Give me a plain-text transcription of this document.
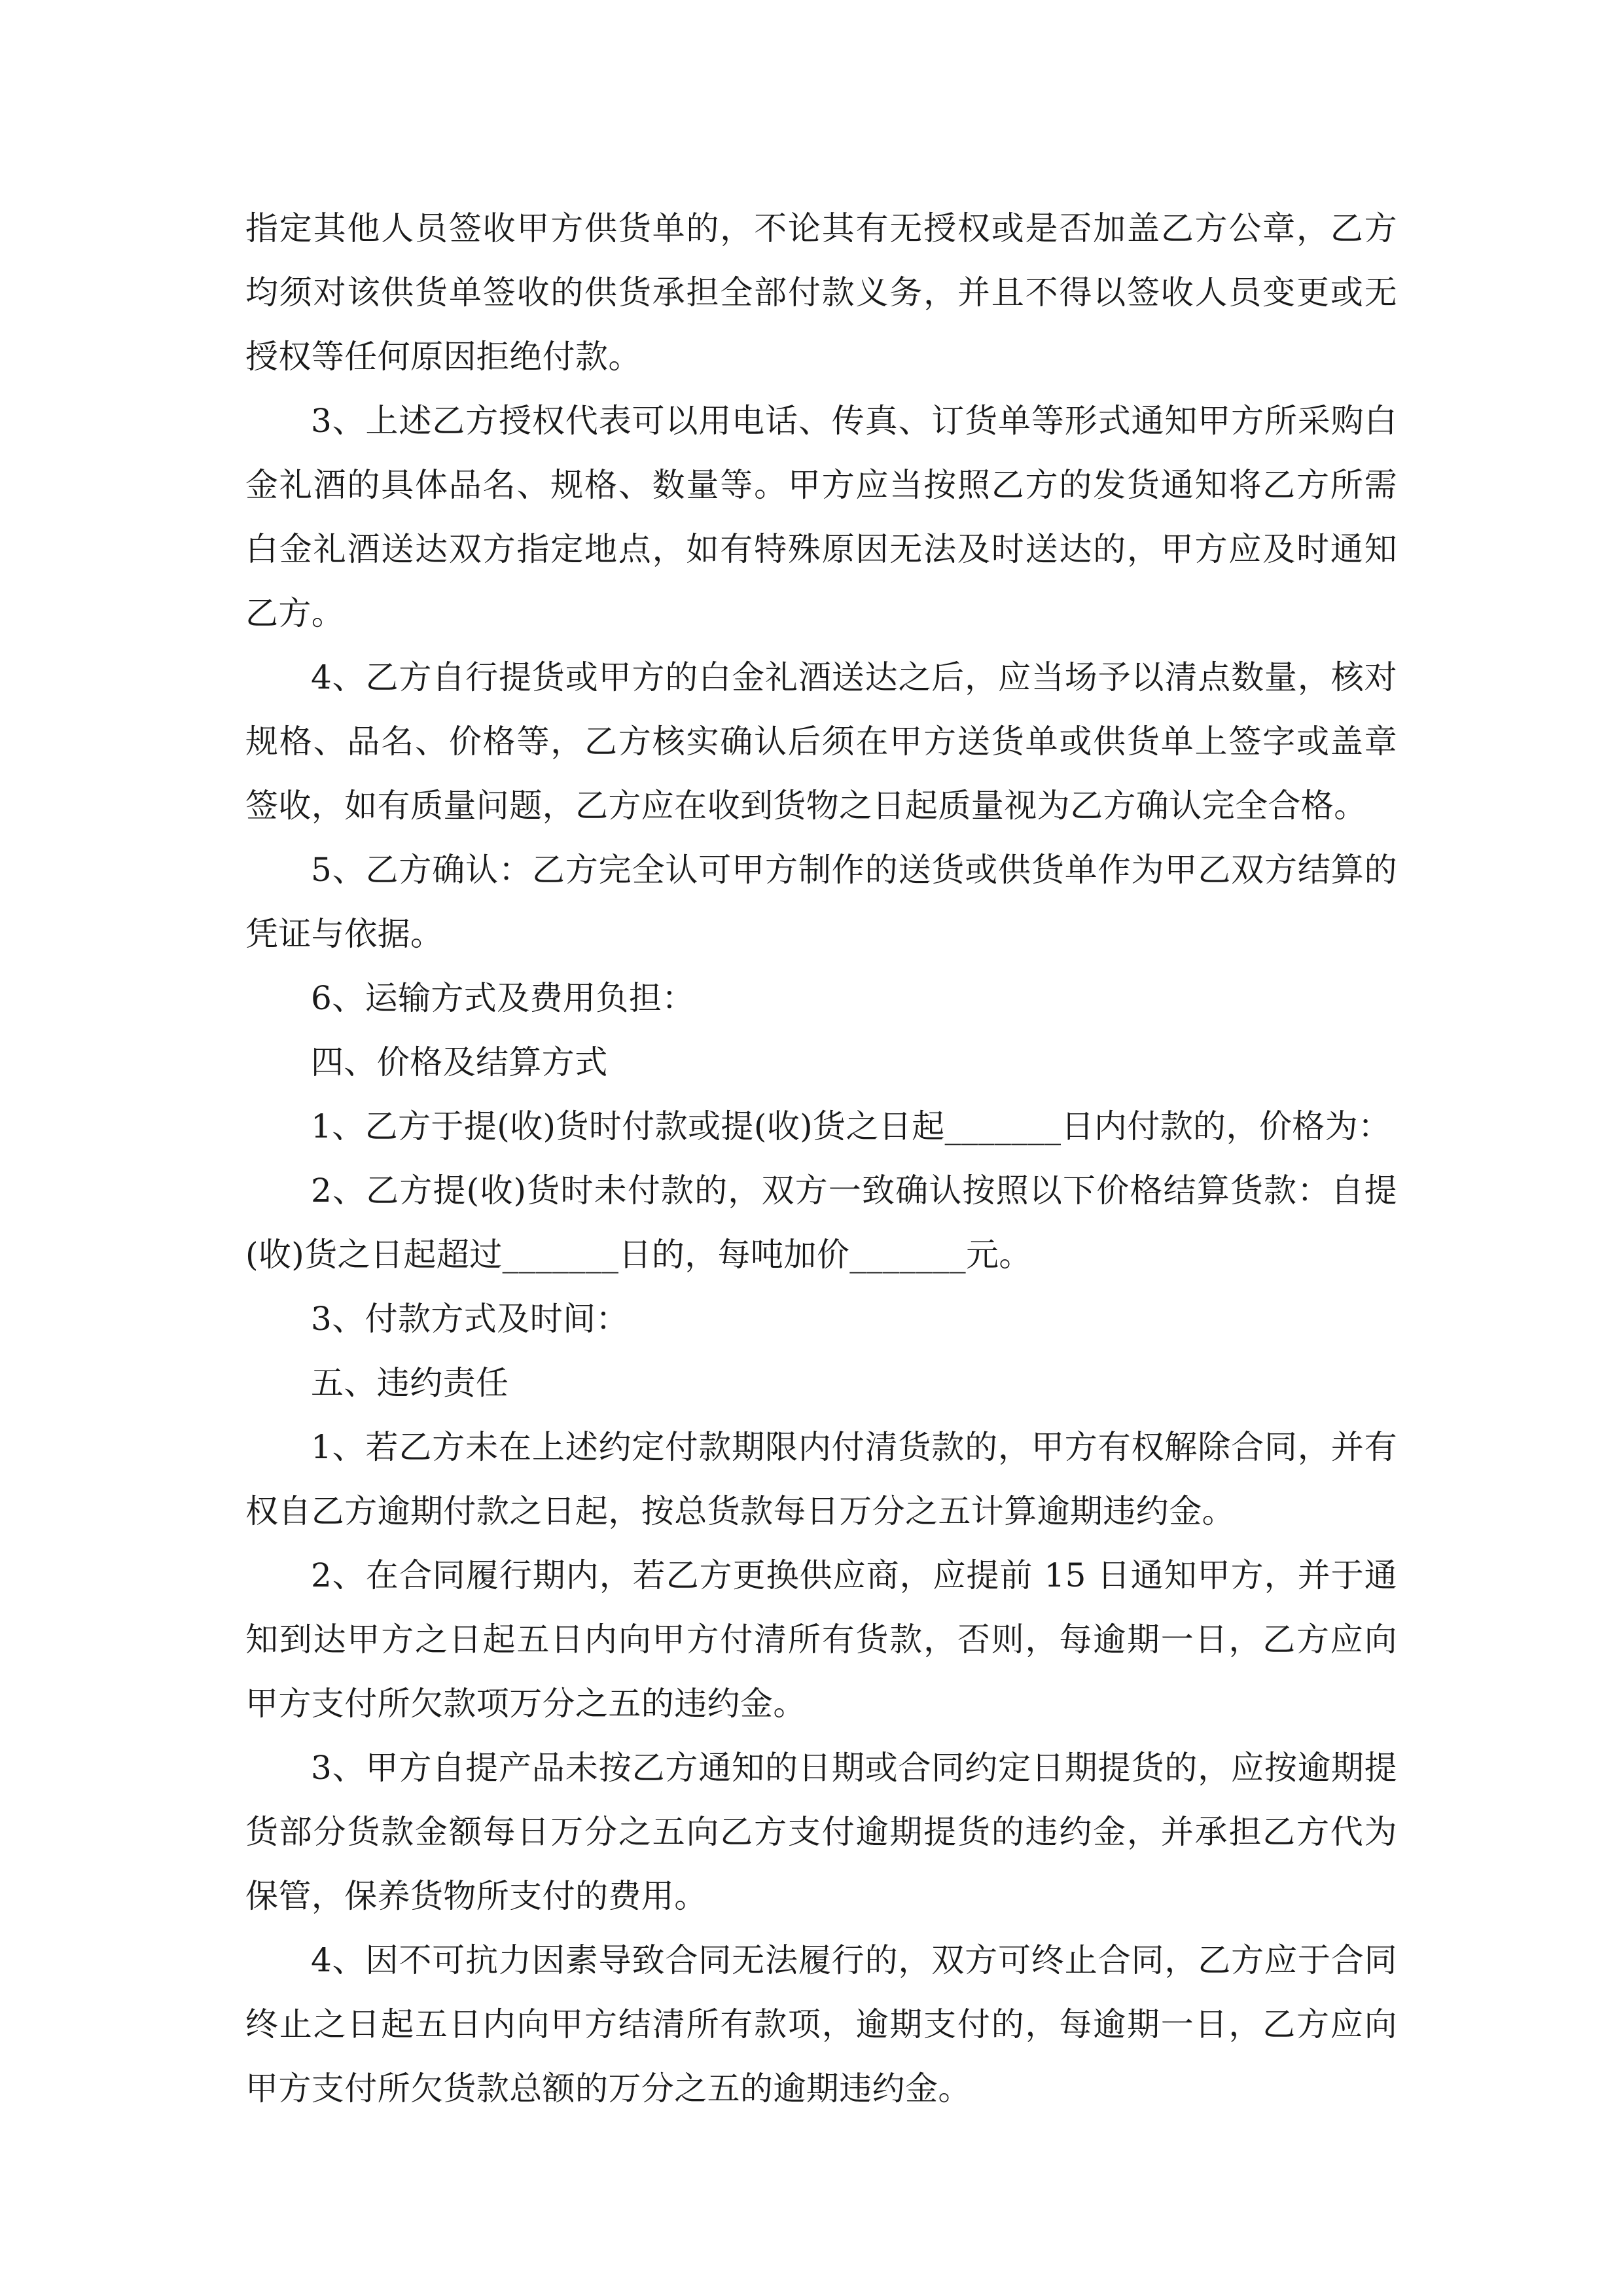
指定其他人员签收甲方供货单的，不论其有无授权或是否加盖乙方公章，乙方均须对该供货单签收的供货承担全部付款义务，并且不得以签收人员变更或无授权等任何原因拒绝付款。

3、上述乙方授权代表可以用电话、传真、订货单等形式通知甲方所采购白金礼酒的具体品名、规格、数量等。甲方应当按照乙方的发货通知将乙方所需白金礼酒送达双方指定地点，如有特殊原因无法及时送达的，甲方应及时通知乙方。

4、乙方自行提货或甲方的白金礼酒送达之后，应当场予以清点数量，核对规格、品名、价格等，乙方核实确认后须在甲方送货单或供货单上签字或盖章签收，如有质量问题，乙方应在收到货物之日起质量视为乙方确认完全合格。

5、乙方确认：乙方完全认可甲方制作的送货或供货单作为甲乙双方结算的凭证与依据。

6、运输方式及费用负担：

四、价格及结算方式

1、乙方于提(收)货时付款或提(收)货之日起_______日内付款的，价格为：

2、乙方提(收)货时未付款的，双方一致确认按照以下价格结算货款：自提(收)货之日起超过_______日的，每吨加价_______元。

3、付款方式及时间：

五、违约责任

1、若乙方未在上述约定付款期限内付清货款的，甲方有权解除合同，并有权自乙方逾期付款之日起，按总货款每日万分之五计算逾期违约金。

2、在合同履行期内，若乙方更换供应商，应提前 15 日通知甲方，并于通知到达甲方之日起五日内向甲方付清所有货款，否则，每逾期一日，乙方应向甲方支付所欠款项万分之五的违约金。

3、甲方自提产品未按乙方通知的日期或合同约定日期提货的，应按逾期提货部分货款金额每日万分之五向乙方支付逾期提货的违约金，并承担乙方代为保管，保养货物所支付的费用。

4、因不可抗力因素导致合同无法履行的，双方可终止合同，乙方应于合同终止之日起五日内向甲方结清所有款项，逾期支付的，每逾期一日，乙方应向甲方支付所欠货款总额的万分之五的逾期违约金。
